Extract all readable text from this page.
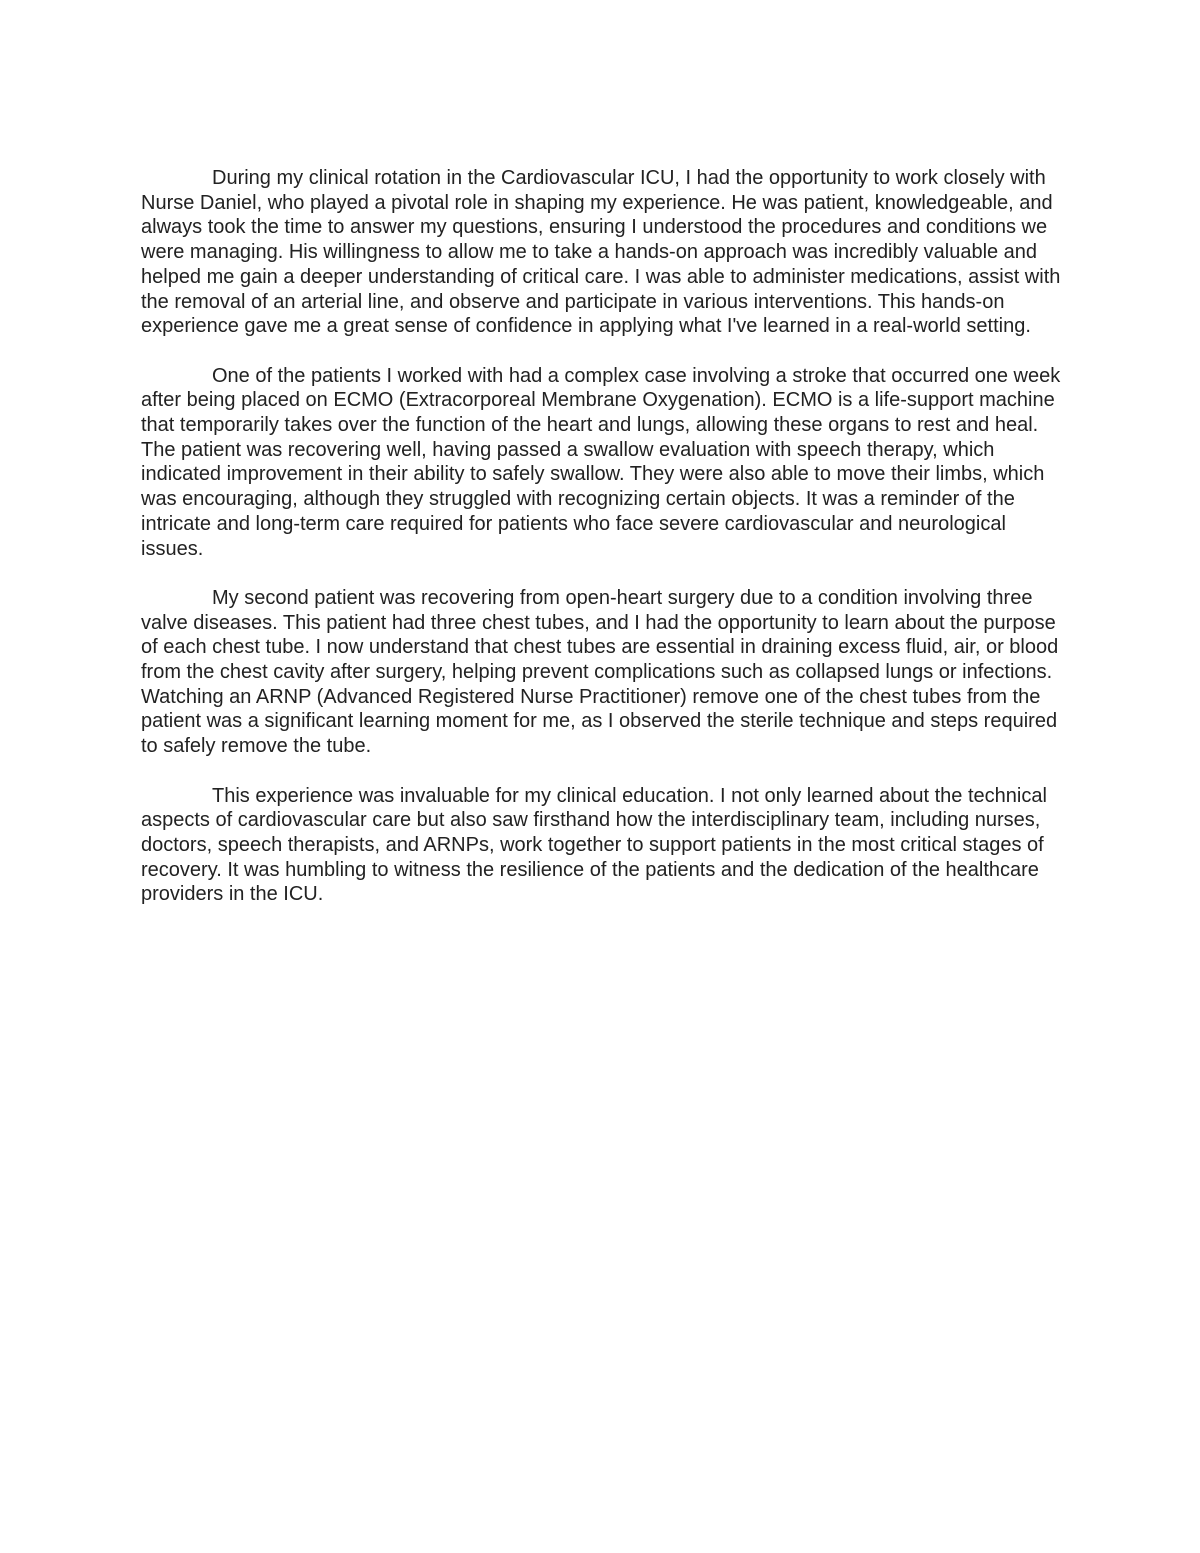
During my clinical rotation in the Cardiovascular ICU, I had the opportunity to work closely with Nurse Daniel, who played a pivotal role in shaping my experience. He was patient, knowledgeable, and always took the time to answer my questions, ensuring I understood the procedures and conditions we were managing. His willingness to allow me to take a hands-on approach was incredibly valuable and helped me gain a deeper understanding of critical care. I was able to administer medications, assist with the removal of an arterial line, and observe and participate in various interventions. This hands-on experience gave me a great sense of confidence in applying what I've learned in a real-world setting.

One of the patients I worked with had a complex case involving a stroke that occurred one week after being placed on ECMO (Extracorporeal Membrane Oxygenation). ECMO is a life-support machine that temporarily takes over the function of the heart and lungs, allowing these organs to rest and heal. The patient was recovering well, having passed a swallow evaluation with speech therapy, which indicated improvement in their ability to safely swallow. They were also able to move their limbs, which was encouraging, although they struggled with recognizing certain objects. It was a reminder of the intricate and long-term care required for patients who face severe cardiovascular and neurological issues.

My second patient was recovering from open-heart surgery due to a condition involving three valve diseases. This patient had three chest tubes, and I had the opportunity to learn about the purpose of each chest tube. I now understand that chest tubes are essential in draining excess fluid, air, or blood from the chest cavity after surgery, helping prevent complications such as collapsed lungs or infections. Watching an ARNP (Advanced Registered Nurse Practitioner) remove one of the chest tubes from the patient was a significant learning moment for me, as I observed the sterile technique and steps required to safely remove the tube.

This experience was invaluable for my clinical education. I not only learned about the technical aspects of cardiovascular care but also saw firsthand how the interdisciplinary team, including nurses, doctors, speech therapists, and ARNPs, work together to support patients in the most critical stages of recovery. It was humbling to witness the resilience of the patients and the dedication of the healthcare providers in the ICU.
